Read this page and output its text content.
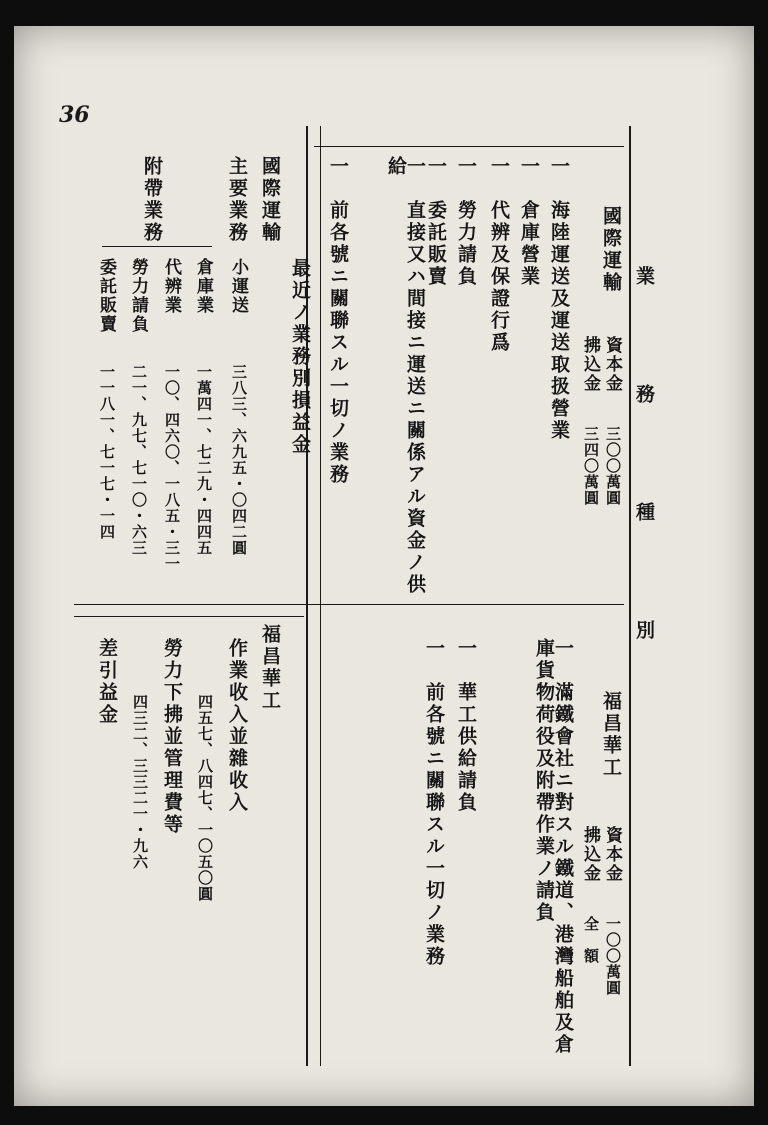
36
業　務　種　別
國際運輸
資本金
拂込金
三〇〇萬圓
三四〇萬圓
一　海陸運送及運送取扱營業
一　倉庫營業
一　代辨及保證行爲
一　勞力請負
一　委託販賣
一　直接又ハ間接ニ運送ニ關係アル資金ノ供給
一　前各號ニ關聯スル一切ノ業務
最近ノ業務別損益金
國際運輸
主要業務
小運送
三八三、六九五・〇四二圓
附帶業務
倉庫業
一萬四一、七二九・四四五
代辨業
一〇、四六〇、一八五・三一
勞力請負
二一、九七、七一〇・六三
委託販賣
一一八一、七一七・一四
福昌華工
資本金
拂込金
一〇〇萬圓
全　額
一　滿鐵會社ニ對スル鐵道、港灣船舶及倉庫貨物荷役及附帶作業ノ請負
一　華工供給請負
一　前各號ニ關聯スル一切ノ業務
福昌華工
作業收入並雜收入
四五七、八四七、一〇五〇圓
勞力下拂並管理費等
四三二、三三二一・九六
差引益金
